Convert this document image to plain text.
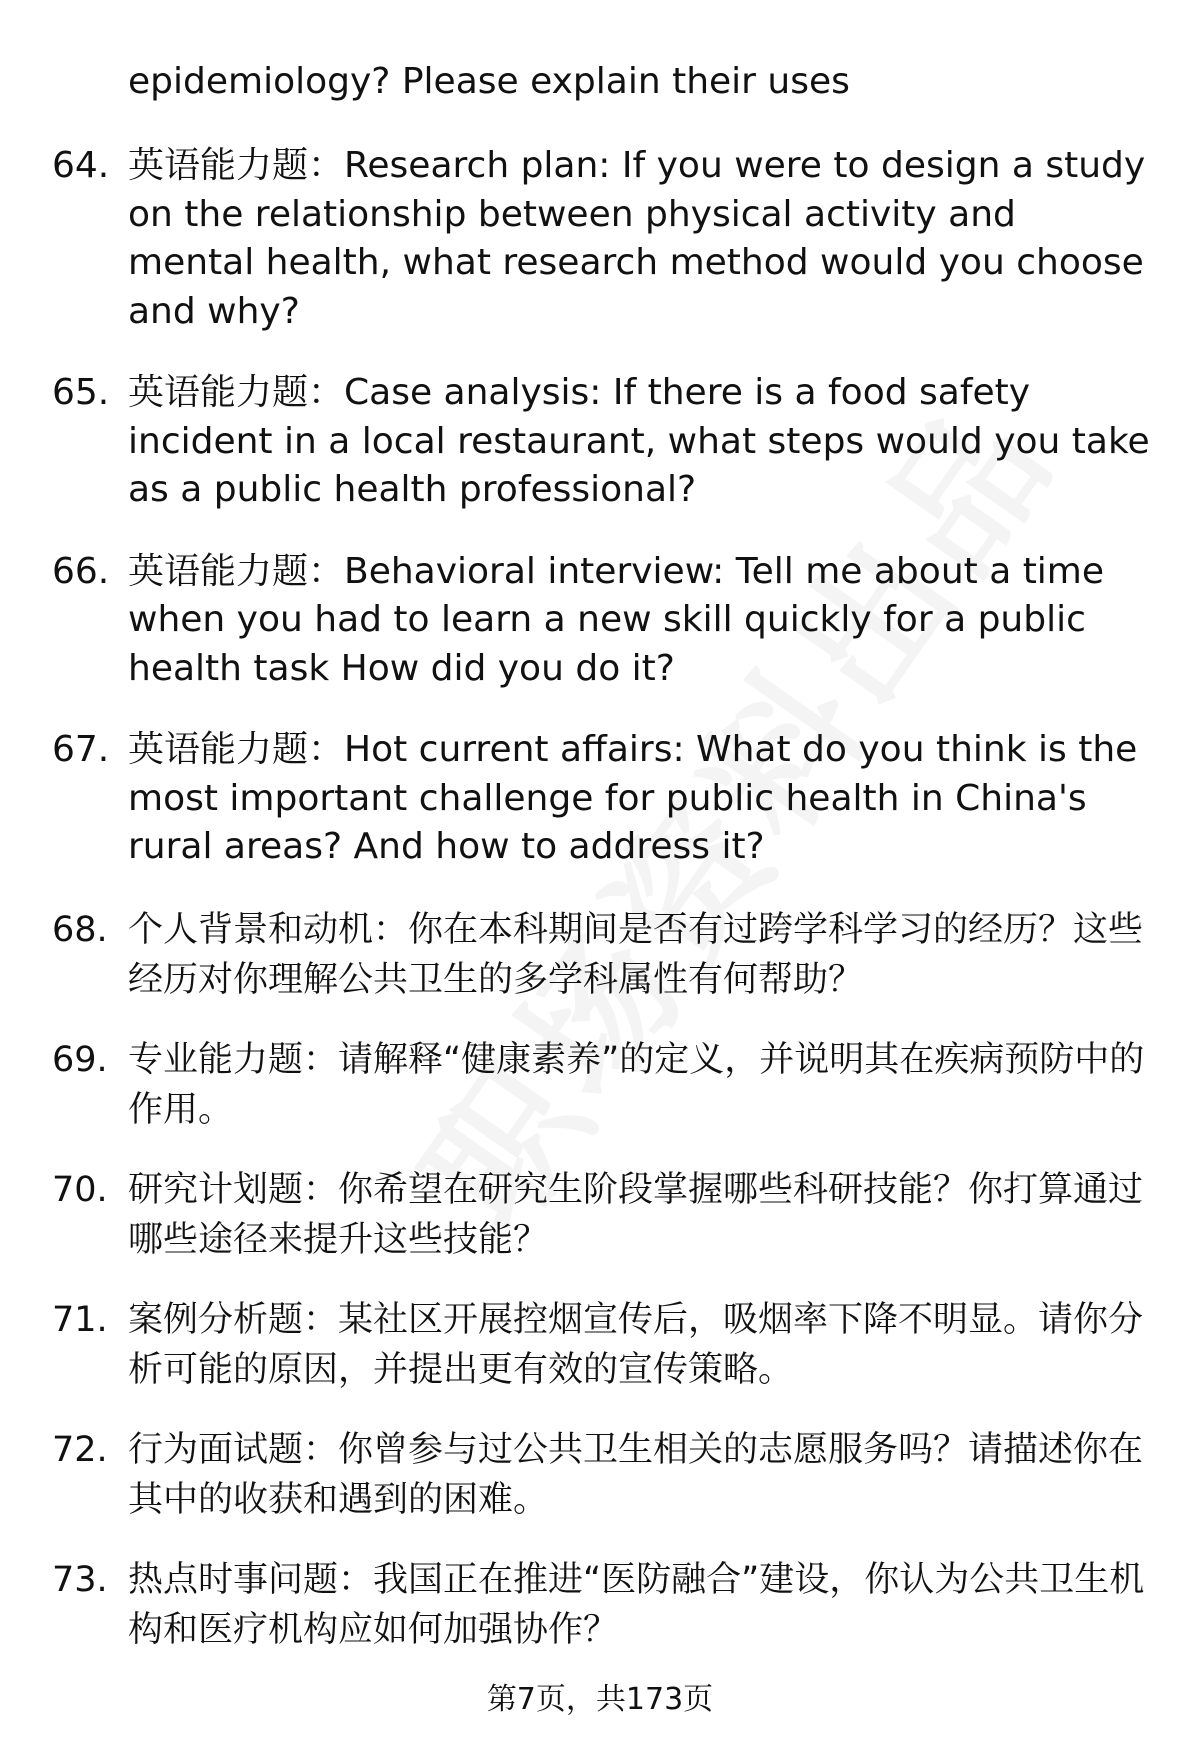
epidemiology? Please explain their uses
64. 英语能力题：Research plan: If you were to design a study on the relationship between physical activity and mental health, what research method would you choose and why?
65. 英语能力题：Case analysis: If there is a food safety incident in a local restaurant, what steps would you take as a public health professional?
66. 英语能力题：Behavioral interview: Tell me about a time when you had to learn a new skill quickly for a public health task How did you do it?
67. 英语能力题：Hot current affairs: What do you think is the most important challenge for public health in China's rural areas? And how to address it?
68. 个人背景和动机：你在本科期间是否有过跨学科学习的经历？这些经历对你理解公共卫生的多学科属性有何帮助？
69. 专业能力题：请解释“健康素养”的定义，并说明其在疾病预防中的作用。
70. 研究计划题：你希望在研究生阶段掌握哪些科研技能？你打算通过哪些途径来提升这些技能？
71. 案例分析题：某社区开展控烟宣传后，吸烟率下降不明显。请你分析可能的原因，并提出更有效的宣传策略。
72. 行为面试题：你曾参与过公共卫生相关的志愿服务吗？请描述你在其中的收获和遇到的困难。
73. 热点时事问题：我国正在推进“医防融合”建设，你认为公共卫生机构和医疗机构应如何加强协作？
第7页，共173页
